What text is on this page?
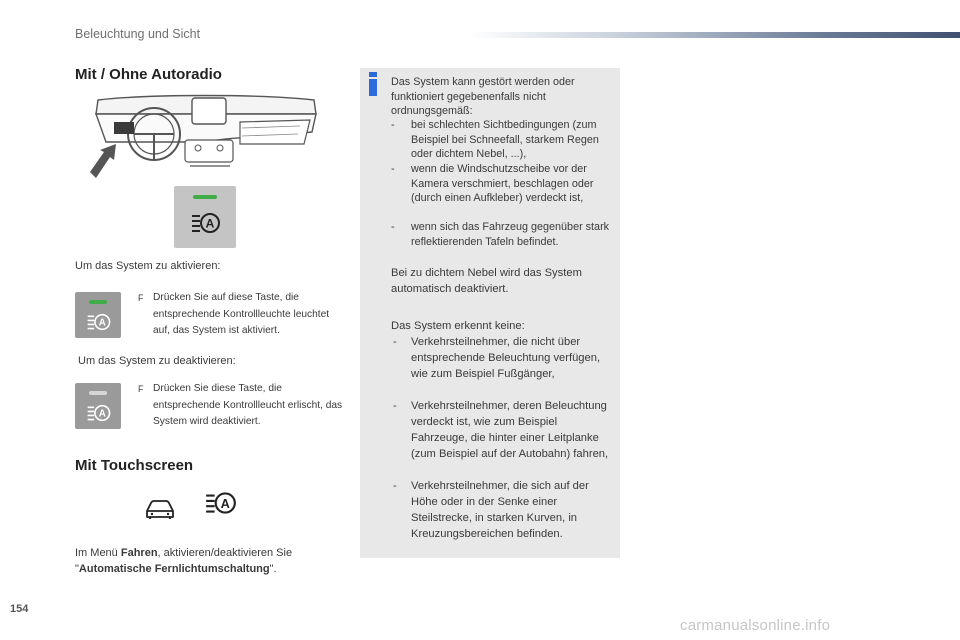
Beleuchtung und Sicht
Mit / Ohne Autoradio
A
Um das System zu aktivieren:
A
F Drücken Sie auf diese Taste, die entsprechende Kontrollleuchte leuchtet auf, das System ist aktiviert.
Um das System zu deaktivieren:
A
F Drücken Sie diese Taste, die entsprechende Kontrollleucht erlischt, das System wird deaktiviert.
Mit Touchscreen
A
Im Menü Fahren, aktivieren/deaktivieren Sie "Automatische Fernlichtumschaltung".
Das System kann gestört werden oder funktioniert gegebenenfalls nicht ordnungsgemäß:
-	bei schlechten Sichtbedingungen (zum Beispiel bei Schneefall, starkem Regen oder dichtem Nebel, ...),
-	wenn die Windschutzscheibe vor der Kamera verschmiert, beschlagen oder (durch einen Aufkleber) verdeckt ist,
-	wenn sich das Fahrzeug gegenüber stark reflektierenden Tafeln befindet.
Bei zu dichtem Nebel wird das System automatisch deaktiviert.
Das System erkennt keine:
-	Verkehrsteilnehmer, die nicht über entsprechende Beleuchtung verfügen, wie zum Beispiel Fußgänger,
-	Verkehrsteilnehmer, deren Beleuchtung verdeckt ist, wie zum Beispiel Fahrzeuge, die hinter einer Leitplanke (zum Beispiel auf der Autobahn) fahren,
-	Verkehrsteilnehmer, die sich auf der Höhe oder in der Senke einer Steilstrecke, in starken Kurven, in Kreuzungsbereichen befinden.
154
carmanualsonline.info
